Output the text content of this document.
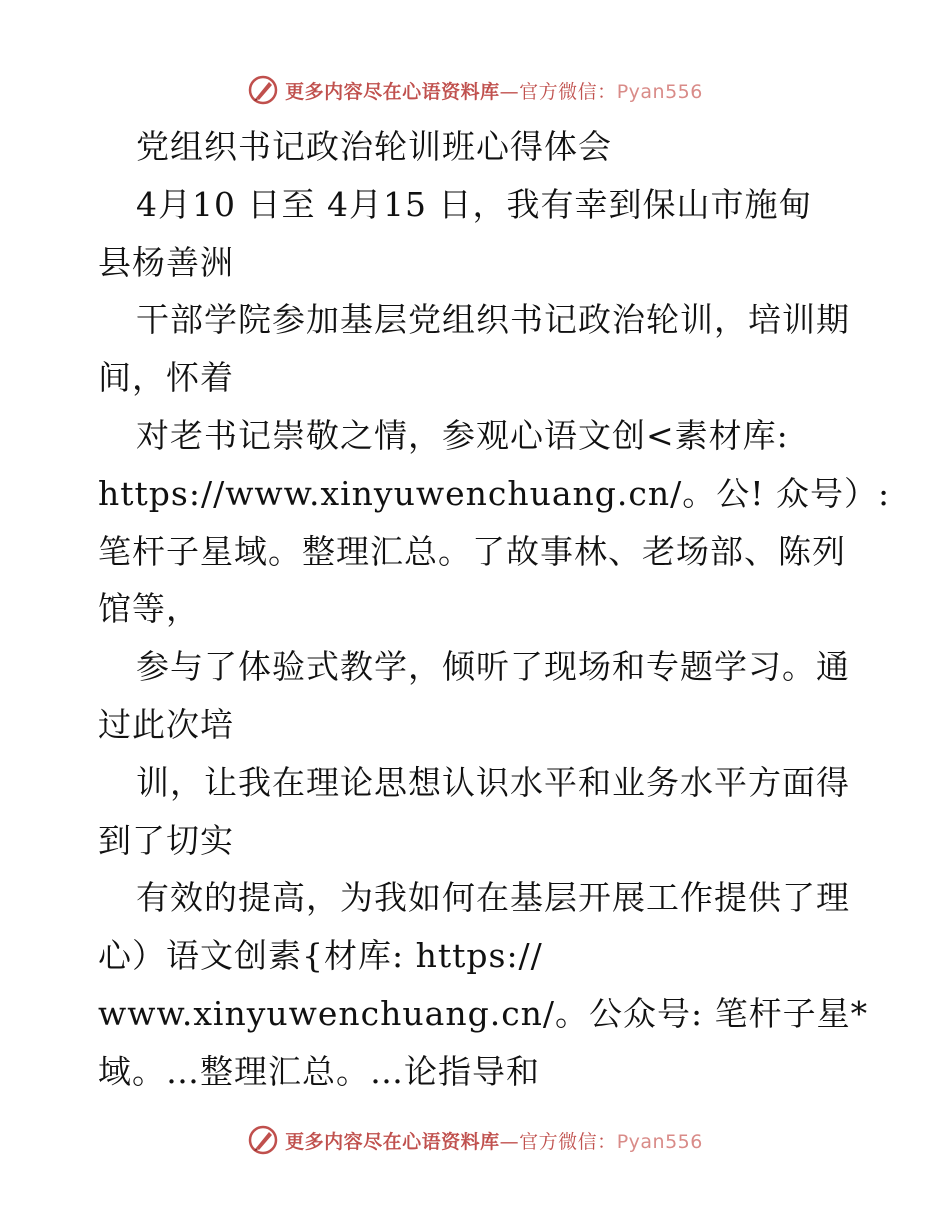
更多内容尽在心语资料库—官方微信：Pyan556
党组织书记政治轮训班心得体会
4月10 日至 4月15 日，我有幸到保山市施甸
县杨善洲
干部学院参加基层党组织书记政治轮训，培训期
间，怀着
对老书记崇敬之情，参观心语文创<素材库:
https://www.xinyuwenchuang.cn/。公! 众号）:
笔杆子星域。整理汇总。了故事林、老场部、陈列
馆等，
参与了体验式教学，倾听了现场和专题学习。通
过此次培
训，让我在理论思想认识水平和业务水平方面得
到了切实
有效的提高，为我如何在基层开展工作提供了理
心）语文创素{材库: https://
www.xinyuwenchuang.cn/。公众号: 笔杆子星*
域。…整理汇总。…论指导和
更多内容尽在心语资料库—官方微信：Pyan556
